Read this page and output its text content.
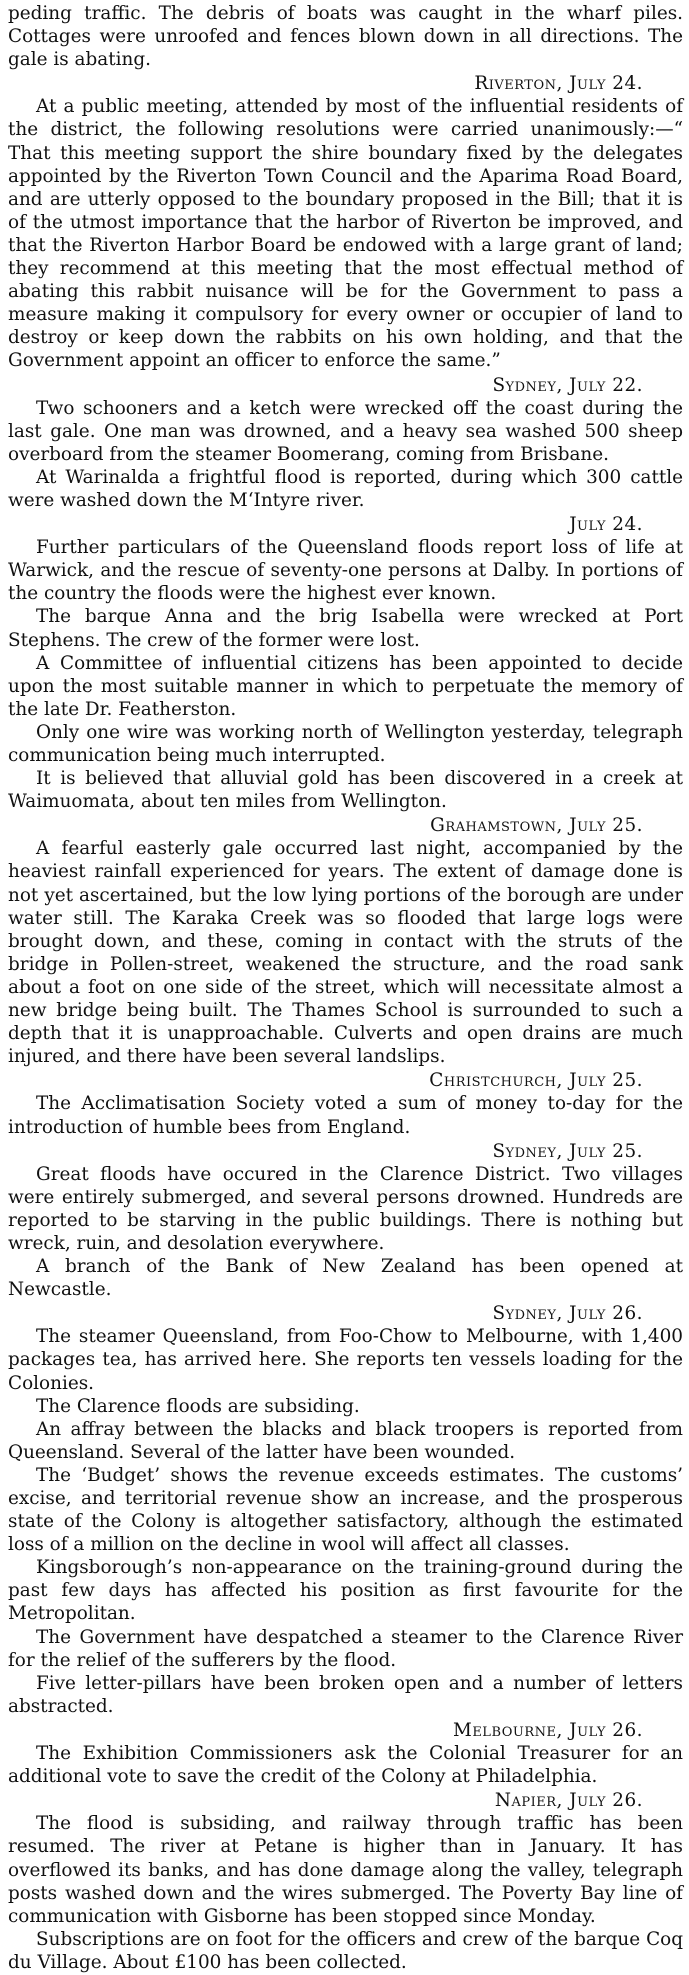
peding traffic. The debris of boats was caught in the wharf piles. Cottages were unroofed and fences blown down in all directions. The gale is abating.
Riverton, July 24.
At a public meeting, attended by most of the influential residents of the district, the following resolutions were carried unanimously:—“ That this meeting support the shire boundary fixed by the delegates appointed by the Riverton Town Council and the Aparima Road Board, and are utterly opposed to the boundary proposed in the Bill; that it is of the utmost importance that the harbor of Riverton be improved, and that the Riverton Harbor Board be endowed with a large grant of land; they recommend at this meeting that the most effectual method of abating this rabbit nuisance will be for the Government to pass a measure making it compulsory for every owner or occupier of land to destroy or keep down the rabbits on his own holding, and that the Government appoint an officer to enforce the same.”
Sydney, July 22.
Two schooners and a ketch were wrecked off the coast during the last gale. One man was drowned, and a heavy sea washed 500 sheep overboard from the steamer Boomerang, coming from Brisbane.
At Warinalda a frightful flood is reported, during which 300 cattle were washed down the M‘Intyre river.
July 24.
Further particulars of the Queensland floods report loss of life at Warwick, and the rescue of seventy-one persons at Dalby. In portions of the country the floods were the highest ever known.
The barque Anna and the brig Isabella were wrecked at Port Stephens. The crew of the former were lost.
A Committee of influential citizens has been appointed to decide upon the most suitable manner in which to perpetuate the memory of the late Dr. Featherston.
Only one wire was working north of Wellington yesterday, telegraph communication being much interrupted.
It is believed that alluvial gold has been discovered in a creek at Waimuomata, about ten miles from Wellington.
Grahamstown, July 25.
A fearful easterly gale occurred last night, accompanied by the heaviest rainfall experienced for years. The extent of damage done is not yet ascertained, but the low lying portions of the borough are under water still. The Karaka Creek was so flooded that large logs were brought down, and these, coming in contact with the struts of the bridge in Pollen-street, weakened the structure, and the road sank about a foot on one side of the street, which will necessitate almost a new bridge being built. The Thames School is surrounded to such a depth that it is unapproachable. Culverts and open drains are much injured, and there have been several landslips.
Christchurch, July 25.
The Acclimatisation Society voted a sum of money to-day for the introduction of humble bees from England.
Sydney, July 25.
Great floods have occured in the Clarence District. Two villages were entirely submerged, and several persons drowned. Hundreds are reported to be starving in the public buildings. There is nothing but wreck, ruin, and desolation everywhere.
A branch of the Bank of New Zealand has been opened at Newcastle.
Sydney, July 26.
The steamer Queensland, from Foo-Chow to Melbourne, with 1,400 packages tea, has arrived here. She reports ten vessels loading for the Colonies.
The Clarence floods are subsiding.
An affray between the blacks and black troopers is reported from Queensland. Several of the latter have been wounded.
The ‘Budget’ shows the revenue exceeds estimates. The customs’ excise, and territorial revenue show an increase, and the prosperous state of the Colony is altogether satisfactory, although the estimated loss of a million on the decline in wool will affect all classes.
Kingsborough’s non-appearance on the training-ground during the past few days has affected his position as first favourite for the Metropolitan.
The Government have despatched a steamer to the Clarence River for the relief of the sufferers by the flood.
Five letter-pillars have been broken open and a number of letters abstracted.
Melbourne, July 26.
The Exhibition Commissioners ask the Colonial Treasurer for an additional vote to save the credit of the Colony at Philadelphia.
Napier, July 26.
The flood is subsiding, and railway through traffic has been resumed. The river at Petane is higher than in January. It has overflowed its banks, and has done damage along the valley, telegraph posts washed down and the wires submerged. The Poverty Bay line of communication with Gisborne has been stopped since Monday.
Subscriptions are on foot for the officers and crew of the barque Coq du Village. About £100 has been collected.
